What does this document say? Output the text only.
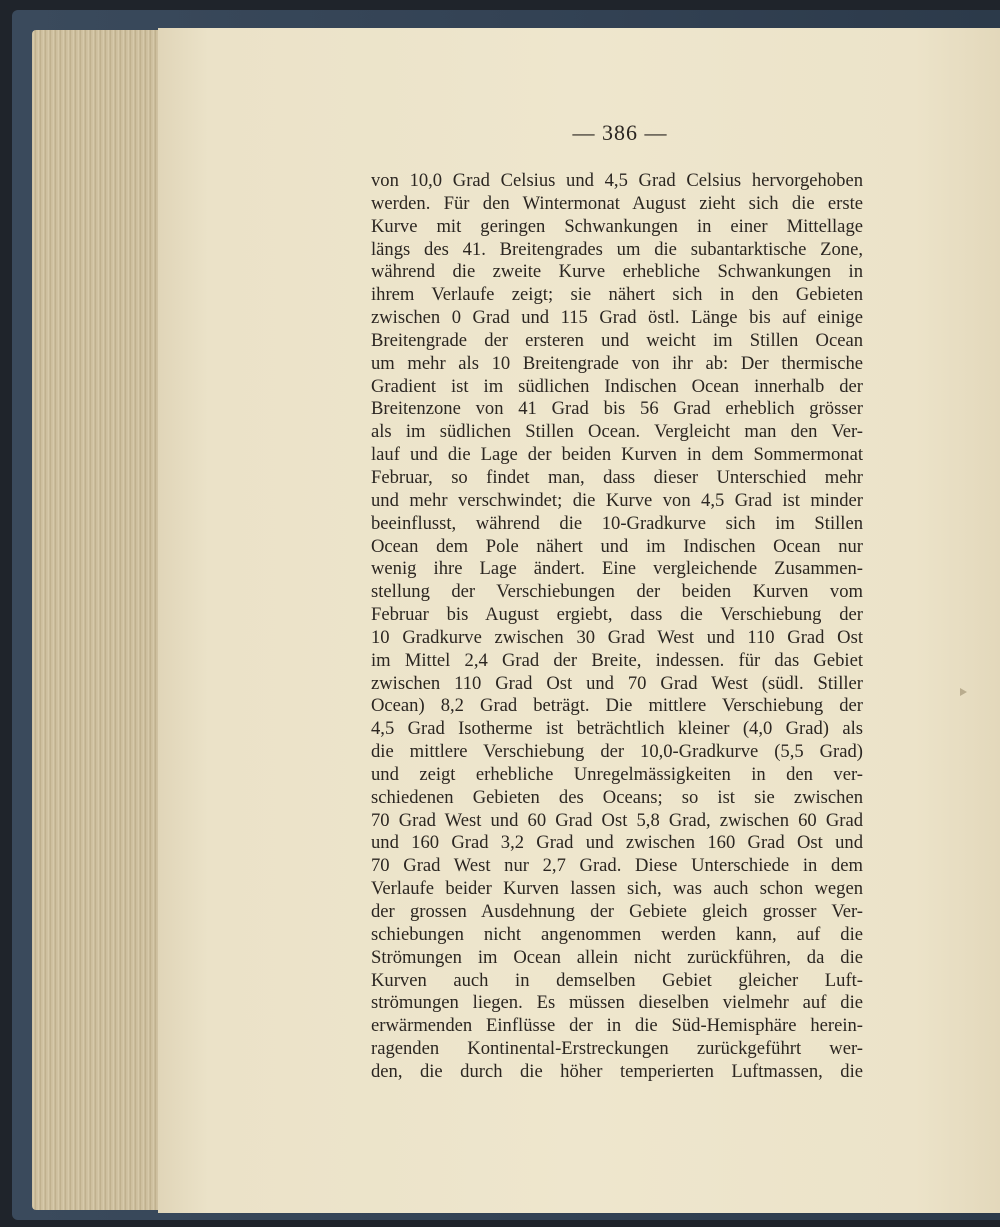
— 386 —
von 10,0 Grad Celsius und 4,5 Grad Celsius hervorgehoben
werden. Für den Wintermonat August zieht sich die erste
Kurve mit geringen Schwankungen in einer Mittellage
längs des 41. Breitengrades um die subantarktische Zone,
während die zweite Kurve erhebliche Schwankungen in
ihrem Verlaufe zeigt; sie nähert sich in den Gebieten
zwischen 0 Grad und 115 Grad östl. Länge bis auf einige
Breitengrade der ersteren und weicht im Stillen Ocean
um mehr als 10 Breitengrade von ihr ab: Der thermische
Gradient ist im südlichen Indischen Ocean innerhalb der
Breitenzone von 41 Grad bis 56 Grad erheblich grösser
als im südlichen Stillen Ocean. Vergleicht man den Ver-
lauf und die Lage der beiden Kurven in dem Sommermonat
Februar, so findet man, dass dieser Unterschied mehr
und mehr verschwindet; die Kurve von 4,5 Grad ist minder
beeinflusst, während die 10-Gradkurve sich im Stillen
Ocean dem Pole nähert und im Indischen Ocean nur
wenig ihre Lage ändert. Eine vergleichende Zusammen-
stellung der Verschiebungen der beiden Kurven vom
Februar bis August ergiebt, dass die Verschiebung der
10 Gradkurve zwischen 30 Grad West und 110 Grad Ost
im Mittel 2,4 Grad der Breite, indessen. für das Gebiet
zwischen 110 Grad Ost und 70 Grad West (südl. Stiller
Ocean) 8,2 Grad beträgt. Die mittlere Verschiebung der
4,5 Grad Isotherme ist beträchtlich kleiner (4,0 Grad) als
die mittlere Verschiebung der 10,0-Gradkurve (5,5 Grad)
und zeigt erhebliche Unregelmässigkeiten in den ver-
schiedenen Gebieten des Oceans; so ist sie zwischen
70 Grad West und 60 Grad Ost 5,8 Grad, zwischen 60 Grad
und 160 Grad 3,2 Grad und zwischen 160 Grad Ost und
70 Grad West nur 2,7 Grad. Diese Unterschiede in dem
Verlaufe beider Kurven lassen sich, was auch schon wegen
der grossen Ausdehnung der Gebiete gleich grosser Ver-
schiebungen nicht angenommen werden kann, auf die
Strömungen im Ocean allein nicht zurückführen, da die
Kurven auch in demselben Gebiet gleicher Luft-
strömungen liegen. Es müssen dieselben vielmehr auf die
erwärmenden Einflüsse der in die Süd-Hemisphäre herein-
ragenden Kontinental-Erstreckungen zurückgeführt wer-
den, die durch die höher temperierten Luftmassen, die
